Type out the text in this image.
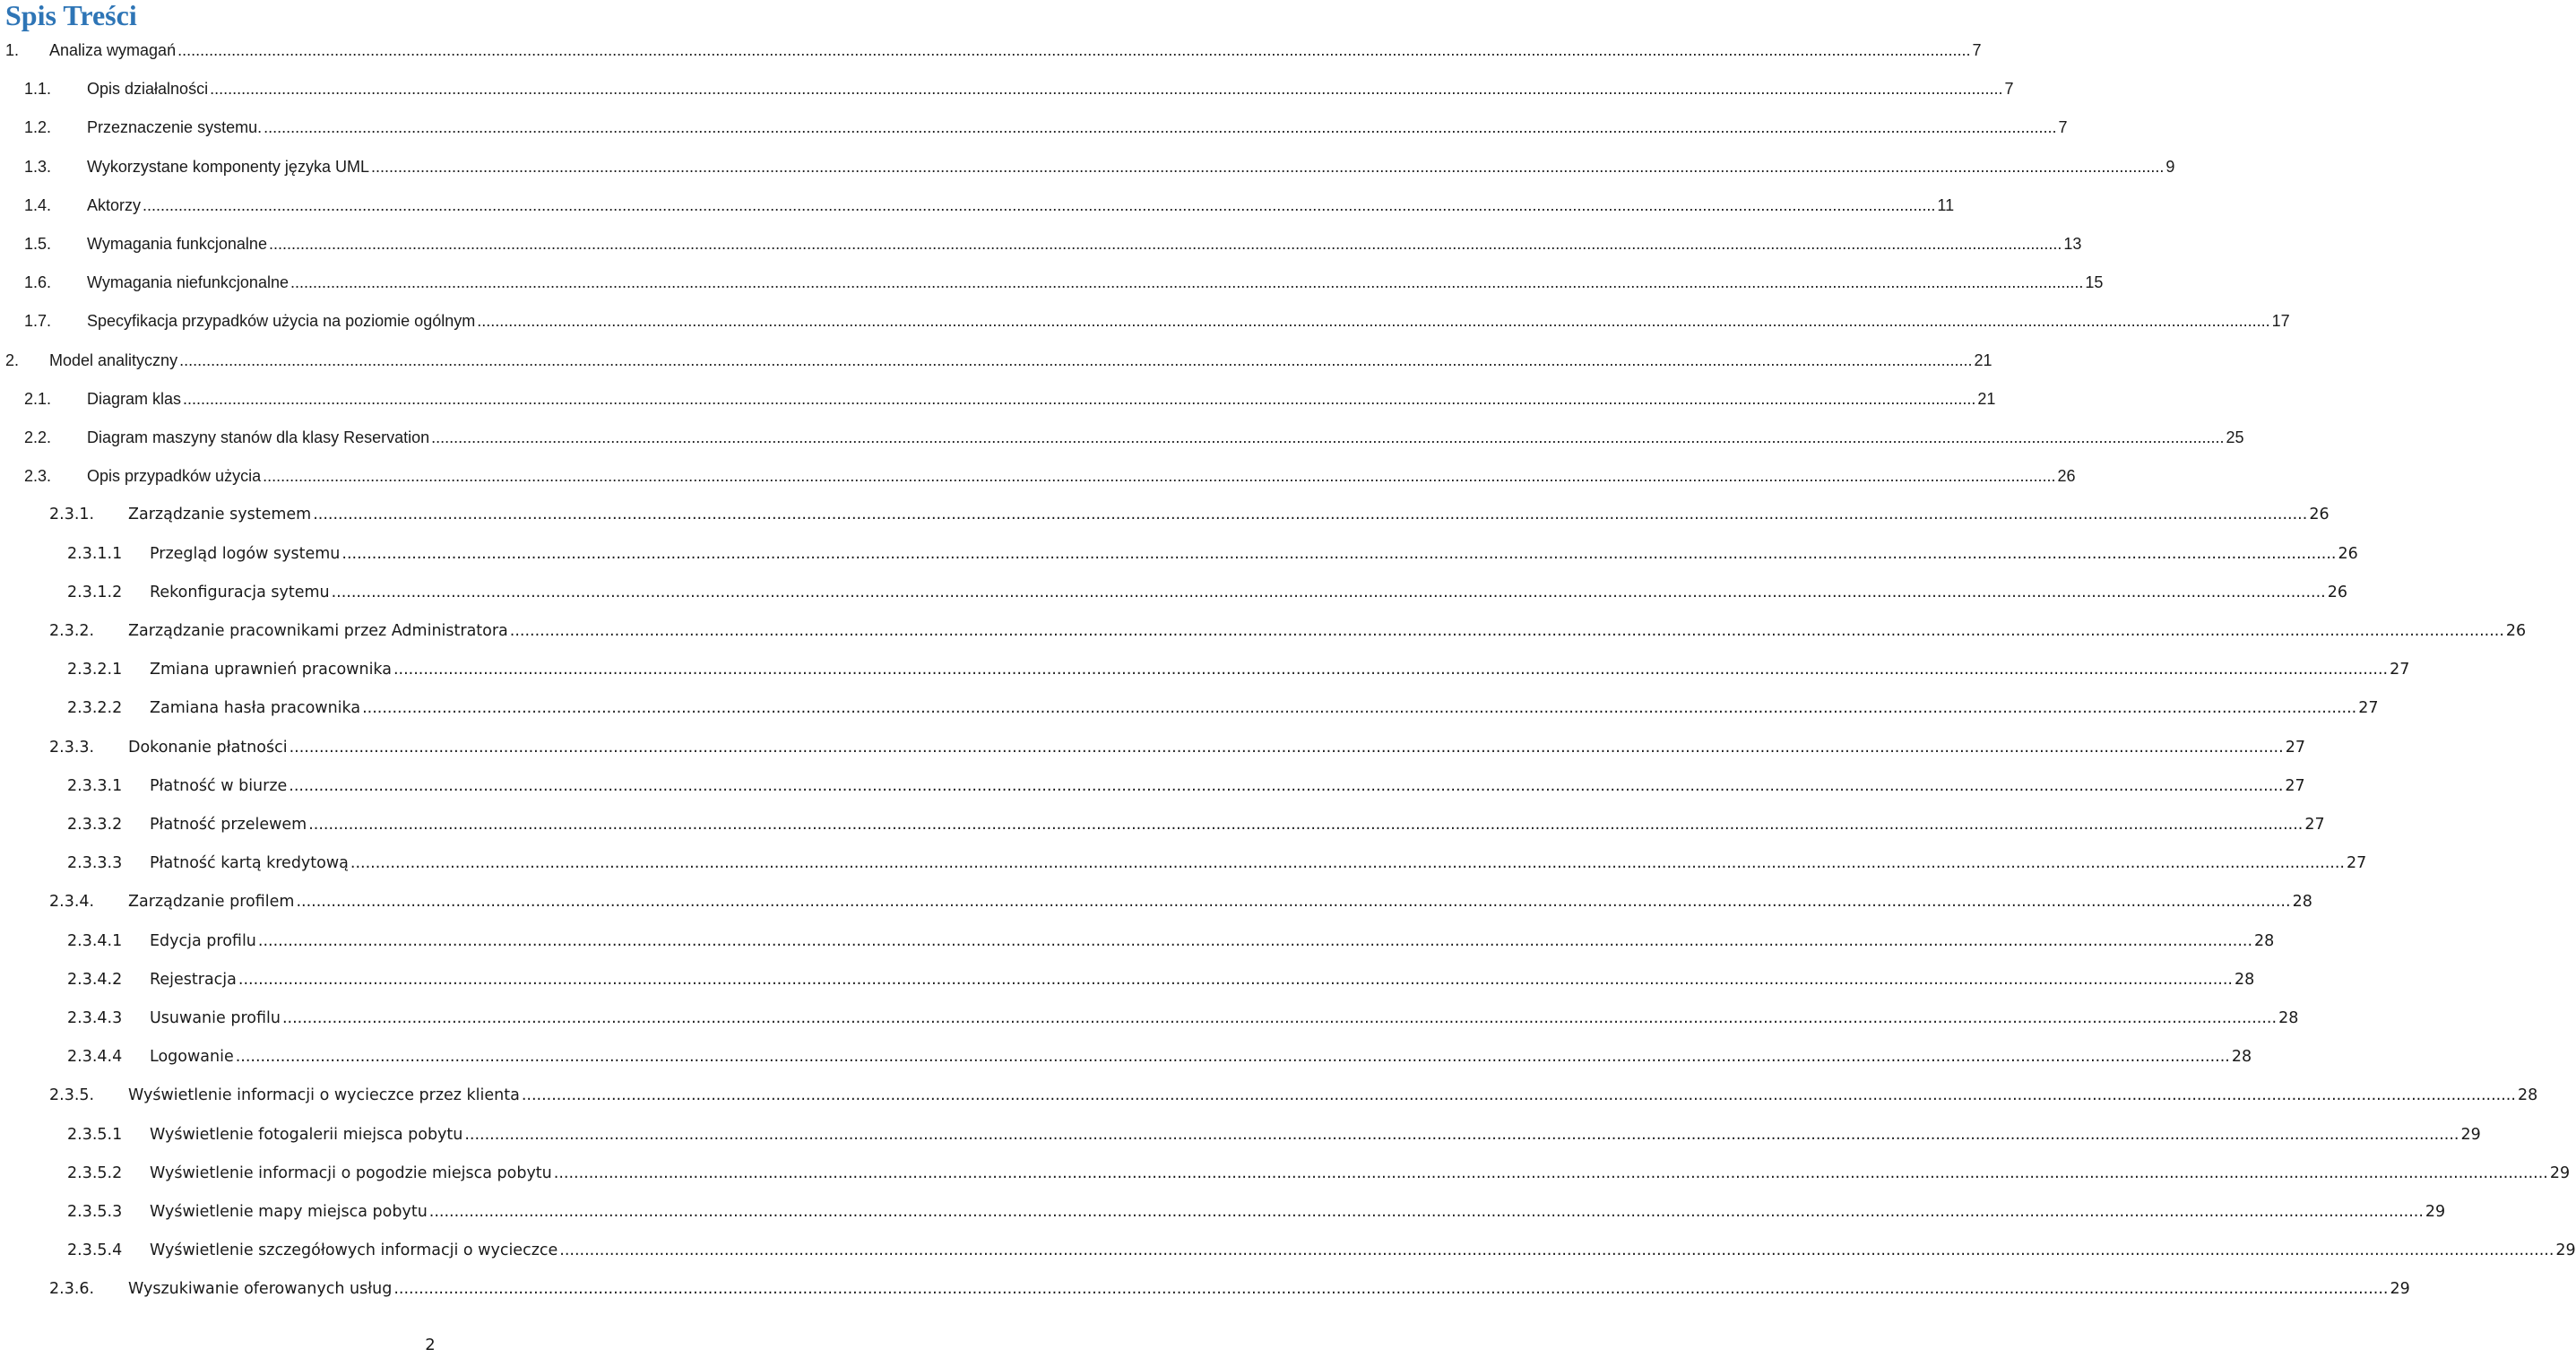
Spis Treści
1.	Analiza wymagań ................................................................................................................................................................................................................................................................................................................................................................................................................ 7
1.1.	Opis działalności ................................................................................................................................................................................................................................................................................................................................................................................................................ 7
1.2.	Przeznaczenie systemu. ................................................................................................................................................................................................................................................................................................................................................................................................................ 7
1.3.	Wykorzystane komponenty języka UML ................................................................................................................................................................................................................................................................................................................................................................................................................ 9
1.4.	Aktorzy ................................................................................................................................................................................................................................................................................................................................................................................................................ 11
1.5.	Wymagania funkcjonalne ................................................................................................................................................................................................................................................................................................................................................................................................................ 13
1.6.	Wymagania niefunkcjonalne ................................................................................................................................................................................................................................................................................................................................................................................................................ 15
1.7.	Specyfikacja przypadków użycia na poziomie ogólnym ................................................................................................................................................................................................................................................................................................................................................................................................................ 17
2.	Model analityczny ................................................................................................................................................................................................................................................................................................................................................................................................................ 21
2.1.	Diagram klas ................................................................................................................................................................................................................................................................................................................................................................................................................ 21
2.2.	Diagram maszyny stanów dla klasy Reservation ................................................................................................................................................................................................................................................................................................................................................................................................................ 25
2.3.	Opis przypadków użycia ................................................................................................................................................................................................................................................................................................................................................................................................................ 26
2.3.1.	Zarządzanie systemem ................................................................................................................................................................................................................................................................................................................................................................................................................ 26
2.3.1.1	Przegląd logów systemu ................................................................................................................................................................................................................................................................................................................................................................................................................ 26
2.3.1.2	Rekonfiguracja sytemu ................................................................................................................................................................................................................................................................................................................................................................................................................ 26
2.3.2.	Zarządzanie pracownikami przez Administratora ................................................................................................................................................................................................................................................................................................................................................................................................................ 26
2.3.2.1	Zmiana uprawnień pracownika ................................................................................................................................................................................................................................................................................................................................................................................................................ 27
2.3.2.2	Zamiana hasła pracownika ................................................................................................................................................................................................................................................................................................................................................................................................................ 27
2.3.3.	Dokonanie płatności ................................................................................................................................................................................................................................................................................................................................................................................................................ 27
2.3.3.1	Płatność w biurze ................................................................................................................................................................................................................................................................................................................................................................................................................ 27
2.3.3.2	Płatność przelewem ................................................................................................................................................................................................................................................................................................................................................................................................................ 27
2.3.3.3	Płatność kartą kredytową ................................................................................................................................................................................................................................................................................................................................................................................................................ 27
2.3.4.	Zarządzanie profilem ................................................................................................................................................................................................................................................................................................................................................................................................................ 28
2.3.4.1	Edycja profilu ................................................................................................................................................................................................................................................................................................................................................................................................................ 28
2.3.4.2	Rejestracja ................................................................................................................................................................................................................................................................................................................................................................................................................ 28
2.3.4.3	Usuwanie profilu ................................................................................................................................................................................................................................................................................................................................................................................................................ 28
2.3.4.4	Logowanie ................................................................................................................................................................................................................................................................................................................................................................................................................ 28
2.3.5.	Wyświetlenie informacji o wycieczce przez klienta ................................................................................................................................................................................................................................................................................................................................................................................................................ 28
2.3.5.1	Wyświetlenie fotogalerii miejsca pobytu ................................................................................................................................................................................................................................................................................................................................................................................................................ 29
2.3.5.2	Wyświetlenie informacji o pogodzie miejsca pobytu ................................................................................................................................................................................................................................................................................................................................................................................................................ 29
2.3.5.3	Wyświetlenie mapy miejsca pobytu ................................................................................................................................................................................................................................................................................................................................................................................................................ 29
2.3.5.4	Wyświetlenie szczegółowych informacji o wycieczce ................................................................................................................................................................................................................................................................................................................................................................................................................ 29
2.3.6.	Wyszukiwanie oferowanych usług ................................................................................................................................................................................................................................................................................................................................................................................................................ 29
2
